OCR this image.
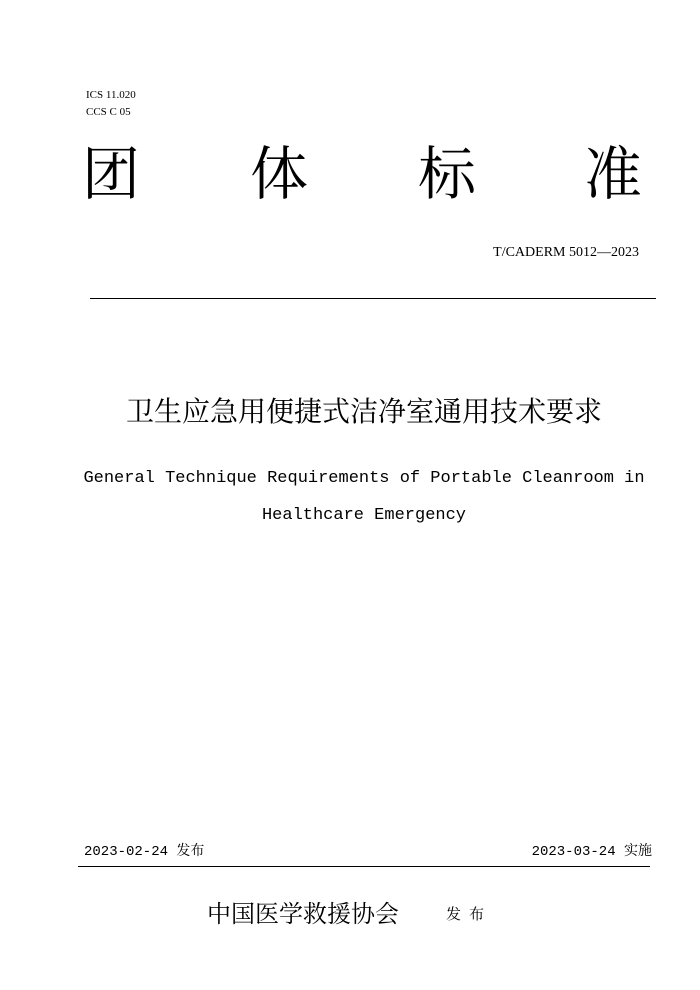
ICS 11.020
CCS C 05
团 体 标 准
T/CADERM 5012—2023
卫生应急用便捷式洁净室通用技术要求
General Technique Requirements of Portable Cleanroom in
Healthcare Emergency
2023-02-24 发布	2023-03-24 实施
中国医学救援协会	发布
